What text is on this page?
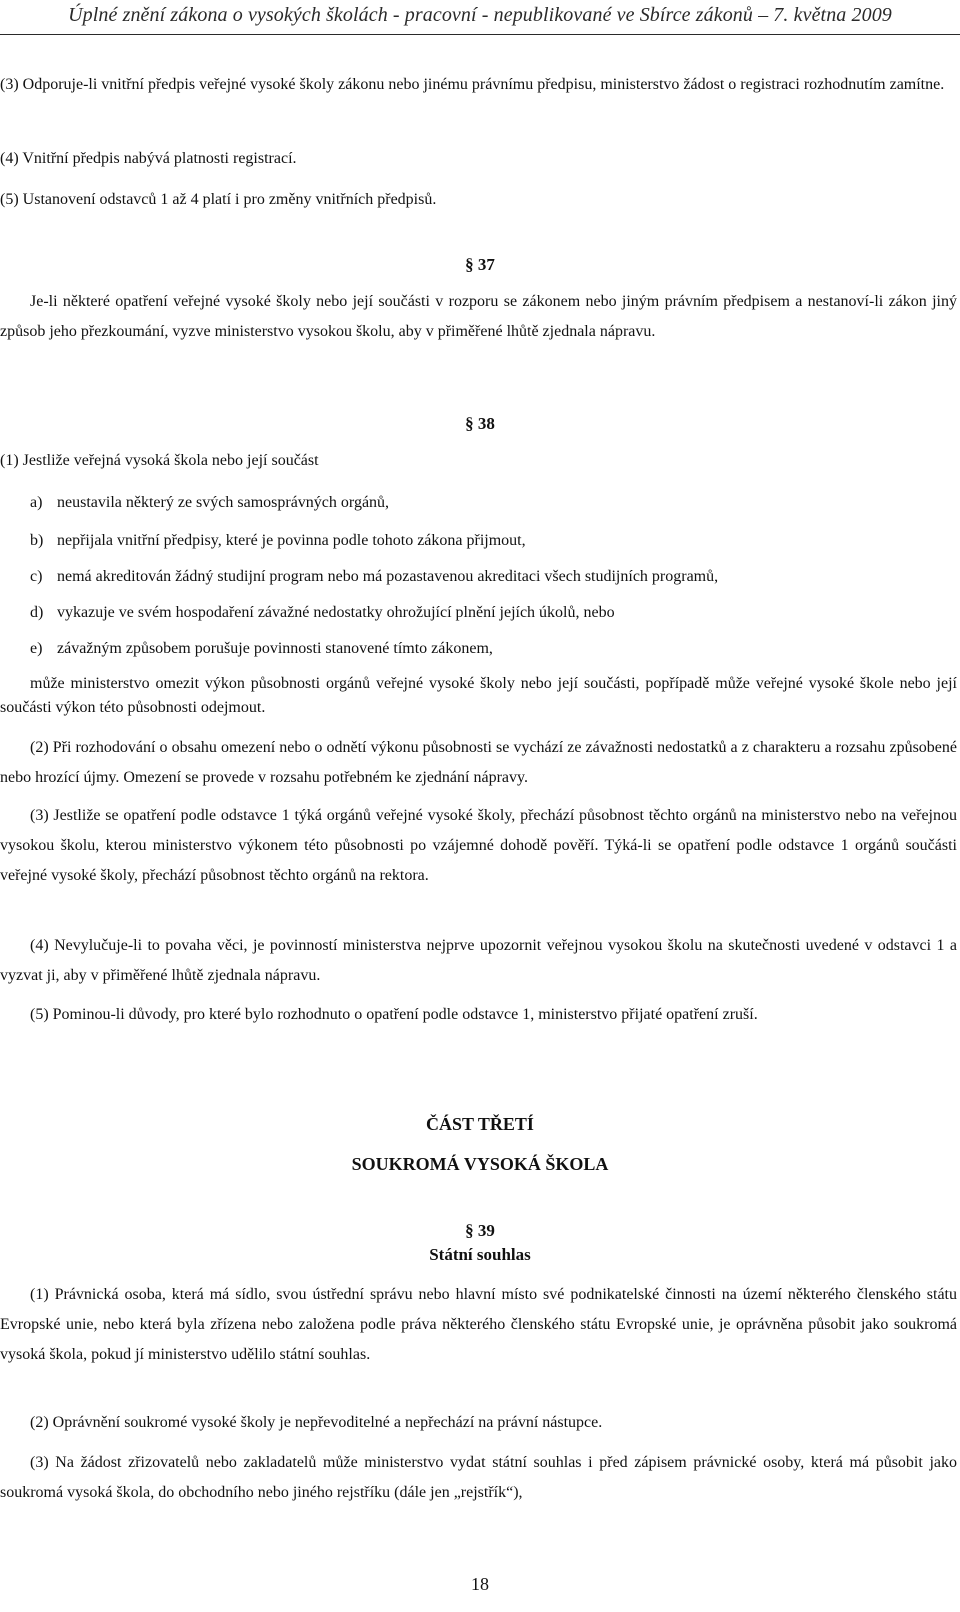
Úplné znění zákona o vysokých školách - pracovní - nepublikované ve Sbírce zákonů – 7. května 2009
(3) Odporuje-li vnitřní předpis veřejné vysoké školy zákonu nebo jinému právnímu předpisu, ministerstvo žádost o registraci rozhodnutím zamítne.
(4) Vnitřní předpis nabývá platnosti registrací.
(5) Ustanovení odstavců 1 až 4 platí i pro změny vnitřních předpisů.
§ 37
Je-li některé opatření veřejné vysoké školy nebo její součásti v rozporu se zákonem nebo jiným právním předpisem a nestanoví-li zákon jiný způsob jeho přezkoumání, vyzve ministerstvo vysokou školu, aby v přiměřené lhůtě zjednala nápravu.
§ 38
(1) Jestliže veřejná vysoká škola nebo její součást
a) neustavila některý ze svých samosprávných orgánů,
b) nepřijala vnitřní předpisy, které je povinna podle tohoto zákona přijmout,
c) nemá akreditován žádný studijní program nebo má pozastavenou akreditaci všech studijních programů,
d) vykazuje ve svém hospodaření závažné nedostatky ohrožující plnění jejích úkolů, nebo
e) závažným způsobem porušuje povinnosti stanovené tímto zákonem,
může ministerstvo omezit výkon působnosti orgánů veřejné vysoké školy nebo její součásti, popřípadě může veřejné vysoké škole nebo její součásti výkon této působnosti odejmout.
(2) Při rozhodování o obsahu omezení nebo o odnětí výkonu působnosti se vychází ze závažnosti nedostatků a z charakteru a rozsahu způsobené nebo hrozící újmy. Omezení se provede v rozsahu potřebném ke zjednání nápravy.
(3) Jestliže se opatření podle odstavce 1 týká orgánů veřejné vysoké školy, přechází působnost těchto orgánů na ministerstvo nebo na veřejnou vysokou školu, kterou ministerstvo výkonem této působnosti po vzájemné dohodě pověří. Týká-li se opatření podle odstavce 1 orgánů součásti veřejné vysoké školy, přechází působnost těchto orgánů na rektora.
(4) Nevylučuje-li to povaha věci, je povinností ministerstva nejprve upozornit veřejnou vysokou školu na skutečnosti uvedené v odstavci 1 a vyzvat ji, aby v přiměřené lhůtě zjednala nápravu.
(5) Pominou-li důvody, pro které bylo rozhodnuto o opatření podle odstavce 1, ministerstvo přijaté opatření zruší.
ČÁST TŘETÍ
SOUKROMÁ VYSOKÁ ŠKOLA
§ 39
Státní souhlas
(1) Právnická osoba, která má sídlo, svou ústřední správu nebo hlavní místo své podnikatelské činnosti na území některého členského státu Evropské unie, nebo která byla zřízena nebo založena podle práva některého členského státu Evropské unie, je oprávněna působit jako soukromá vysoká škola, pokud jí ministerstvo udělilo státní souhlas.
(2) Oprávnění soukromé vysoké školy je nepřevoditelné a nepřechází na právní nástupce.
(3) Na žádost zřizovatelů nebo zakladatelů může ministerstvo vydat státní souhlas i před zápisem právnické osoby, která má působit jako soukromá vysoká škola, do obchodního nebo jiného rejstříku (dále jen „rejstřík“),
18
